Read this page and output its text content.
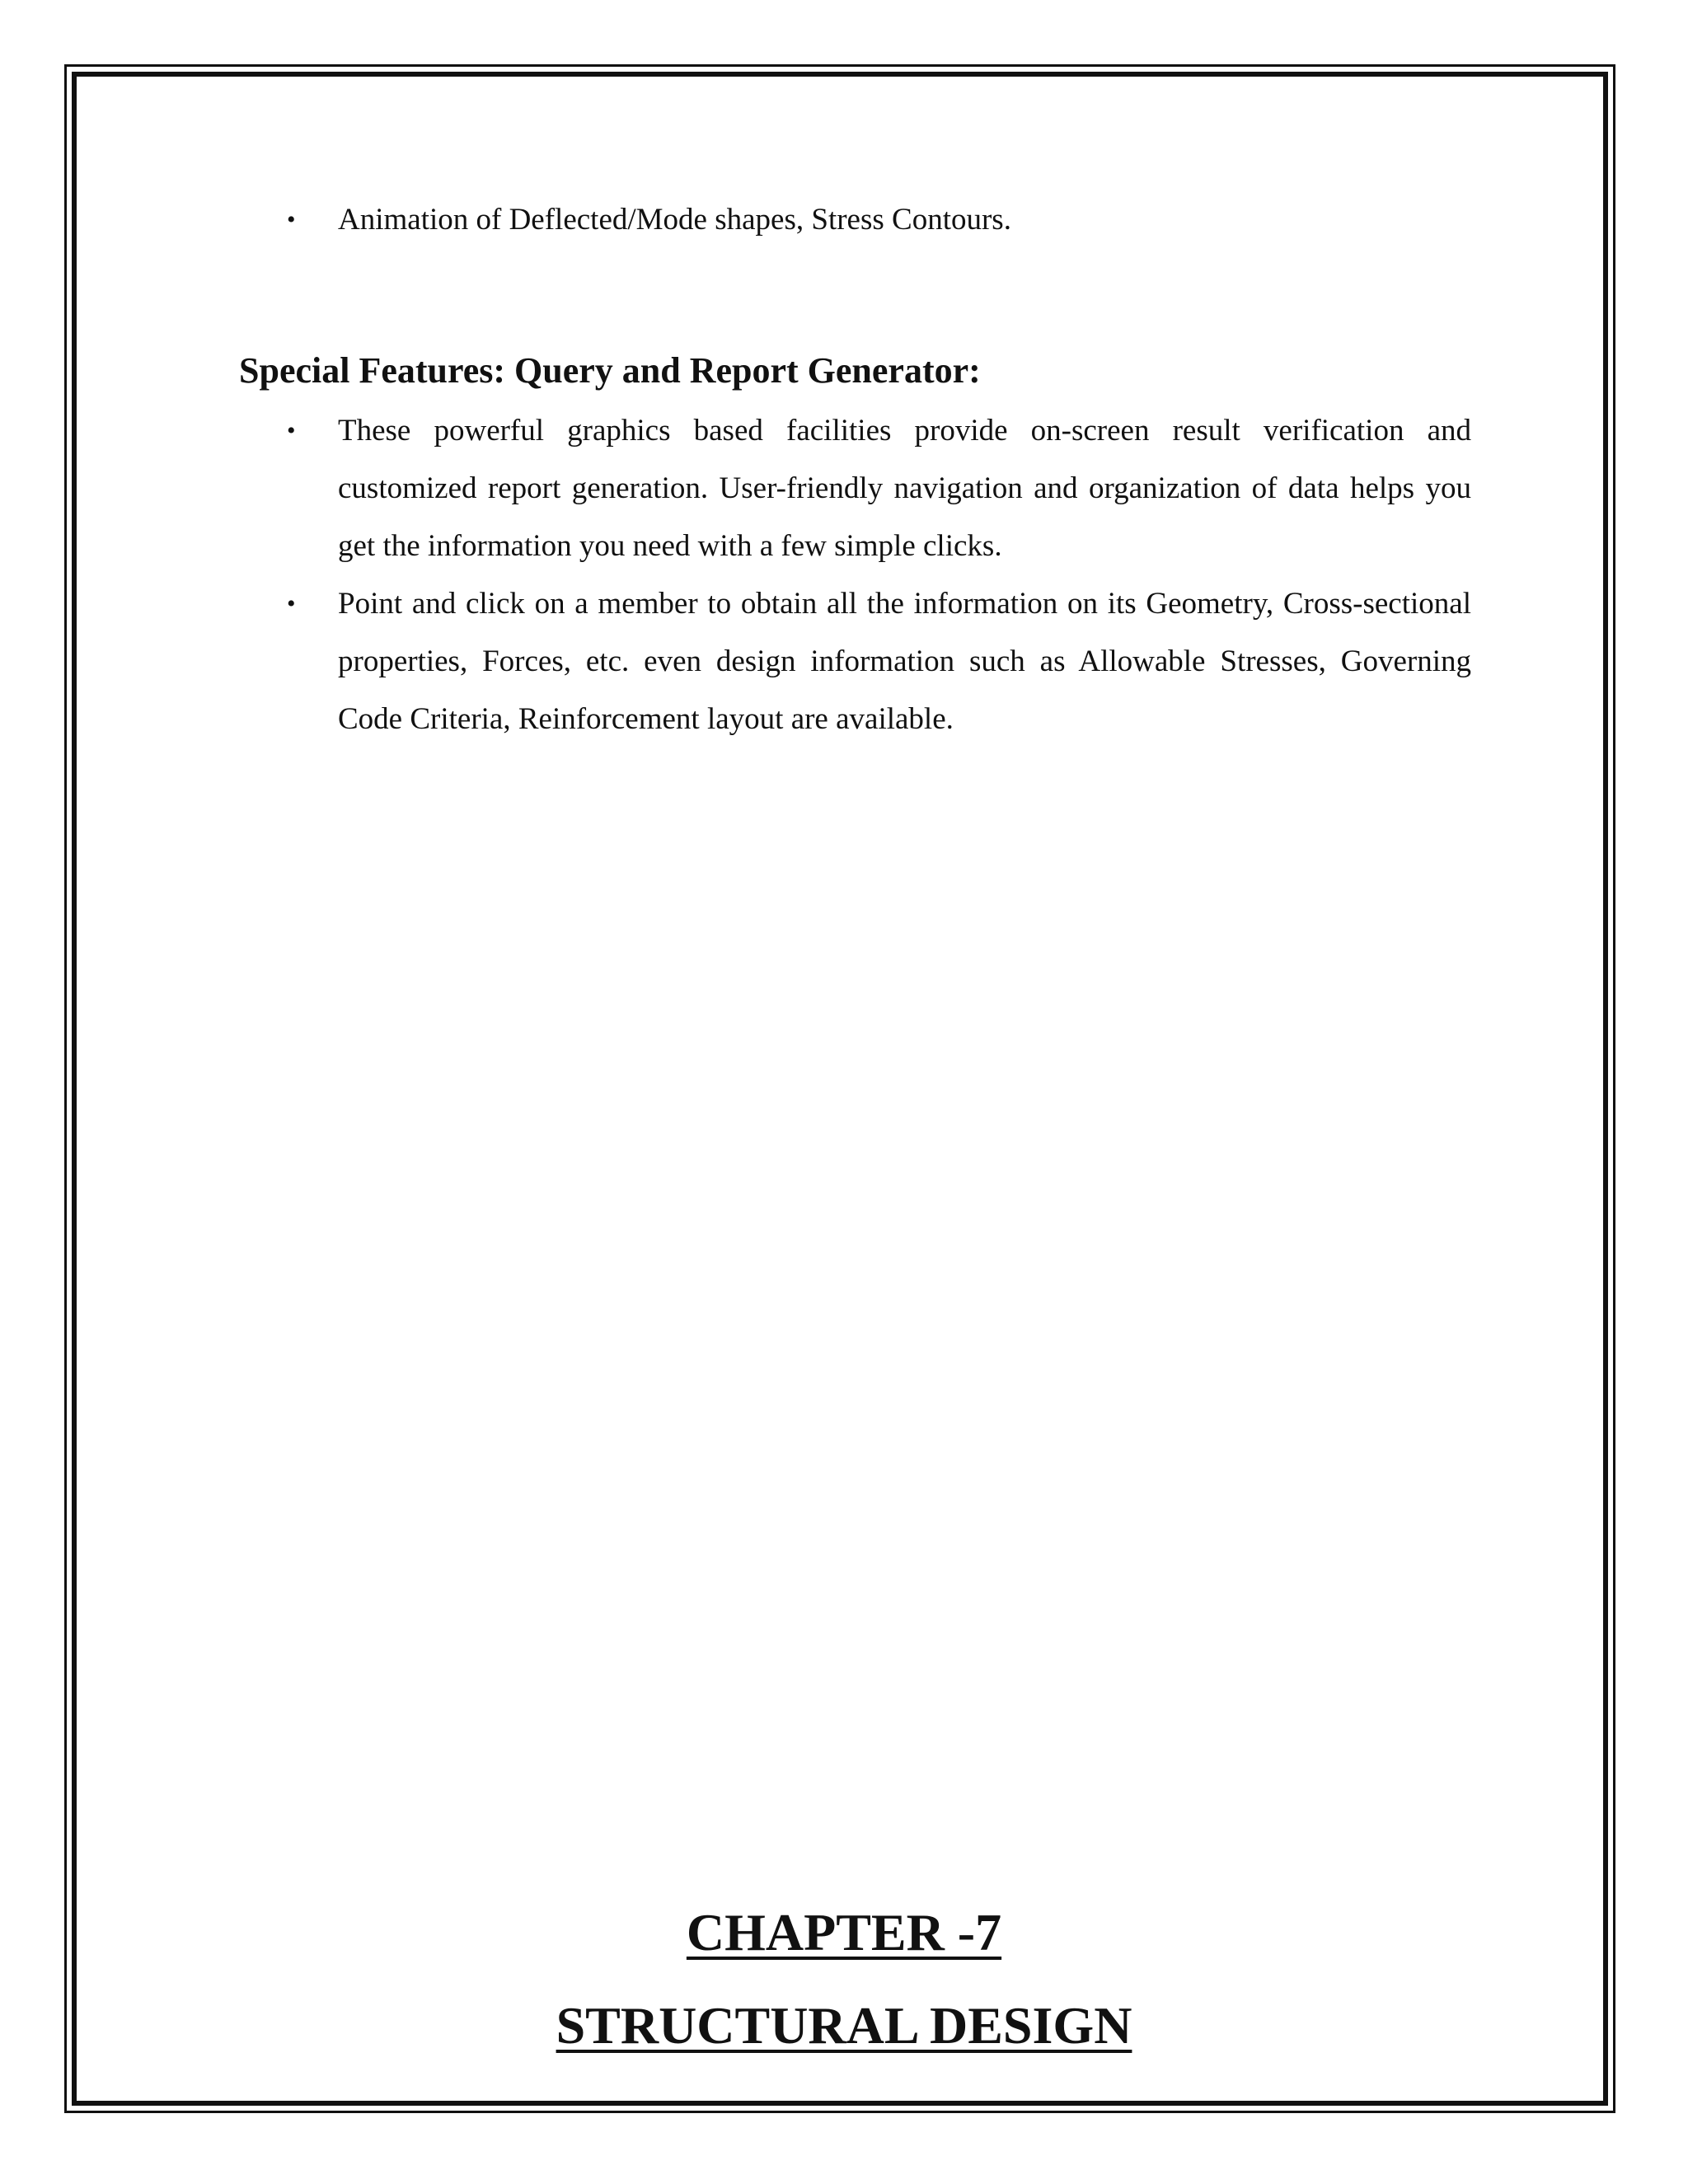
• Animation of Deflected/Mode shapes, Stress Contours.
Special Features: Query and Report Generator:
• These powerful graphics based facilities provide on-screen result verification and customized report generation. User-friendly navigation and organization of data helps you get the information you need with a few simple clicks.
• Point and click on a member to obtain all the information on its Geometry, Cross-sectional properties, Forces, etc. even design information such as Allowable Stresses, Governing Code Criteria, Reinforcement layout are available.
CHAPTER -7
STRUCTURAL DESIGN
